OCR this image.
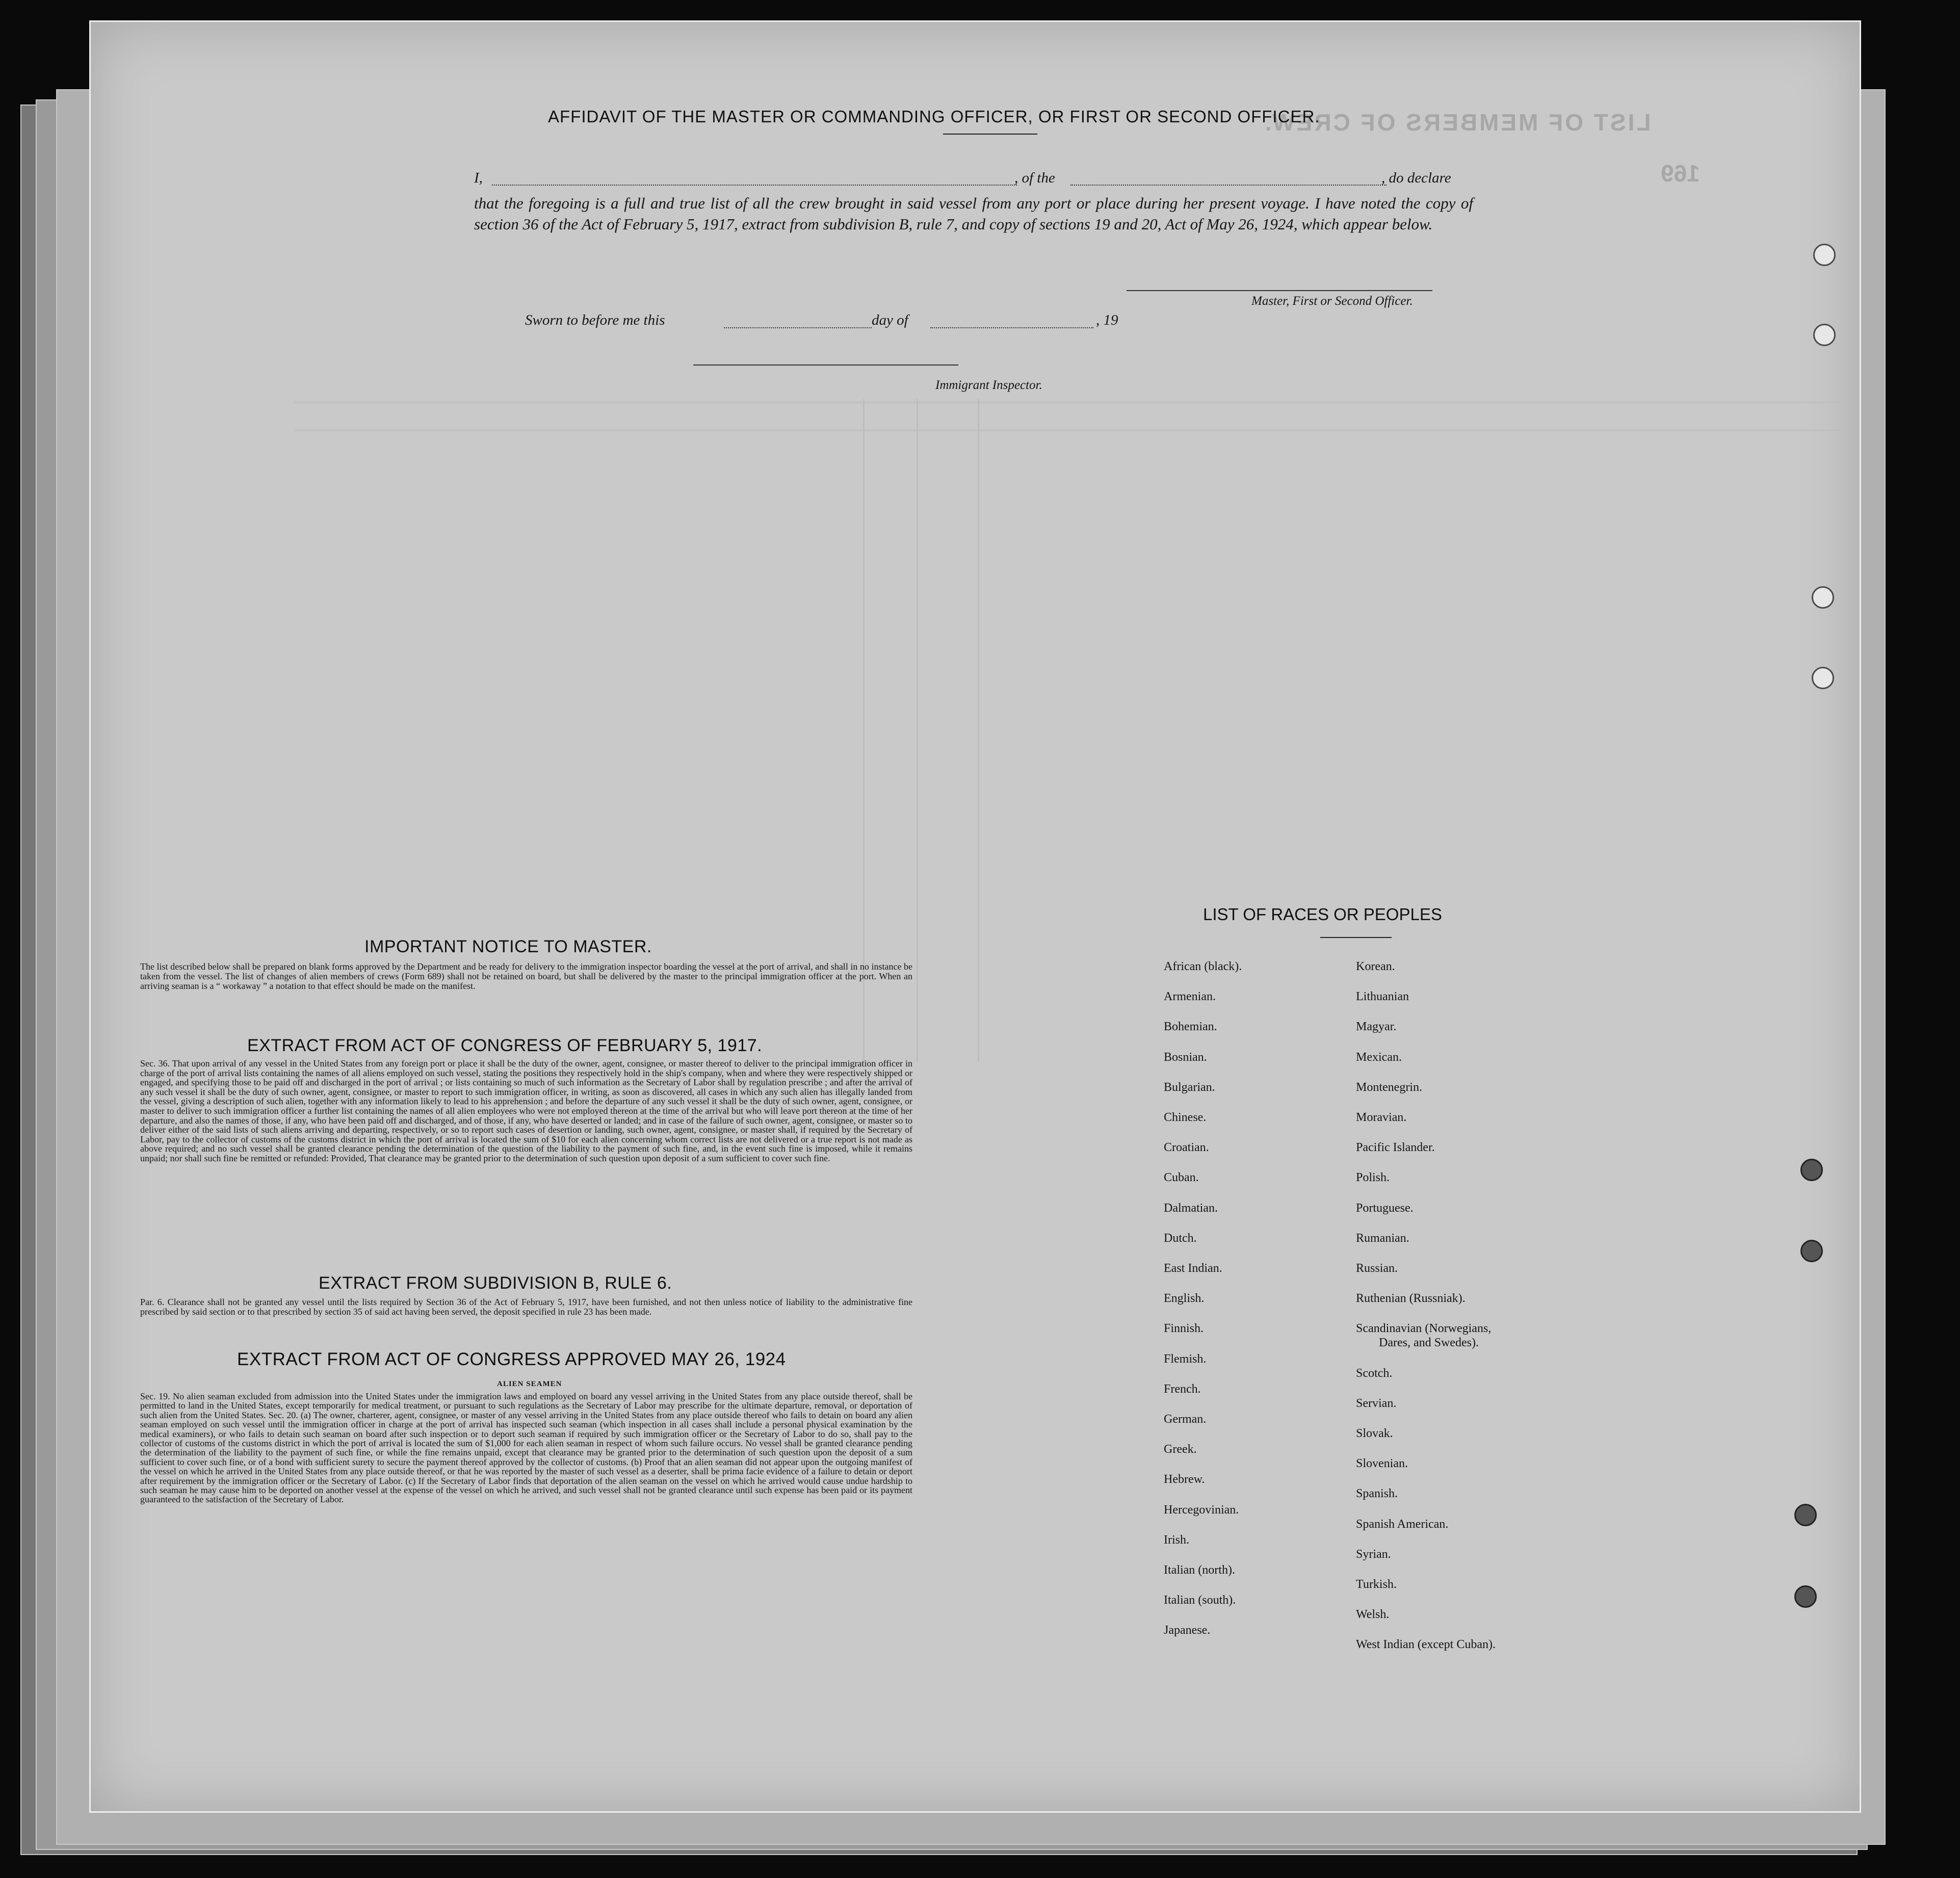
LIST OF MEMBERS OF CREW.
169
AFFIDAVIT OF THE MASTER OR COMMANDING OFFICER, OR FIRST OR SECOND OFFICER.
I,	, of the	, do declare
that the foregoing is a full and true list of all the crew brought in said vessel from any port or place during her present voyage. I have noted the copy of section 36 of the Act of February 5, 1917, extract from subdivision B, rule 7, and copy of sections 19 and 20, Act of May 26, 1924, which appear below.
Master, First or Second Officer.
Sworn to before me this	day of	, 19
Immigrant Inspector.
IMPORTANT NOTICE TO MASTER.
The list described below shall be prepared on blank forms approved by the Department and be ready for delivery to the immigration inspector boarding the vessel at the port of arrival, and shall in no instance be taken from the vessel. The list of changes of alien members of crews (Form 689) shall not be retained on board, but shall be delivered by the master to the principal immigration officer at the port. When an arriving seaman is a “ workaway ” a notation to that effect should be made on the manifest.
EXTRACT FROM ACT OF CONGRESS OF FEBRUARY 5, 1917.
Sec. 36. That upon arrival of any vessel in the United States from any foreign port or place it shall be the duty of the owner, agent, consignee, or master thereof to deliver to the principal immigration officer in charge of the port of arrival lists containing the names of all aliens employed on such vessel, stating the positions they respectively hold in the ship's company, when and where they were respectively shipped or engaged, and specifying those to be paid off and discharged in the port of arrival ; or lists containing so much of such information as the Secretary of Labor shall by regulation prescribe ; and after the arrival of any such vessel it shall be the duty of such owner, agent, consignee, or master to report to such immigration officer, in writing, as soon as discovered, all cases in which any such alien has illegally landed from the vessel, giving a description of such alien, together with any information likely to lead to his apprehension ; and before the departure of any such vessel it shall be the duty of such owner, agent, consignee, or master to deliver to such immigration officer a further list containing the names of all alien employees who were not employed thereon at the time of the arrival but who will leave port thereon at the time of her departure, and also the names of those, if any, who have been paid off and discharged, and of those, if any, who have deserted or landed; and in case of the failure of such owner, agent, consignee, or master so to deliver either of the said lists of such aliens arriving and departing, respectively, or so to report such cases of desertion or landing, such owner, agent, consignee, or master shall, if required by the Secretary of Labor, pay to the collector of customs of the customs district in which the port of arrival is located the sum of $10 for each alien concerning whom correct lists are not delivered or a true report is not made as above required; and no such vessel shall be granted clearance pending the determination of the question of the liability to the payment of such fine, and, in the event such fine is imposed, while it remains unpaid; nor shall such fine be remitted or refunded: Provided, That clearance may be granted prior to the determination of such question upon deposit of a sum sufficient to cover such fine.
EXTRACT FROM SUBDIVISION B, RULE 6.
Par. 6. Clearance shall not be granted any vessel until the lists required by Section 36 of the Act of February 5, 1917, have been furnished, and not then unless notice of liability to the administrative fine prescribed by said section or to that prescribed by section 35 of said act having been served, the deposit specified in rule 23 has been made.
EXTRACT FROM ACT OF CONGRESS APPROVED MAY 26, 1924
ALIEN SEAMEN
Sec. 19. No alien seaman excluded from admission into the United States under the immigration laws and employed on board any vessel arriving in the United States from any place outside thereof, shall be permitted to land in the United States, except temporarily for medical treatment, or pursuant to such regulations as the Secretary of Labor may prescribe for the ultimate departure, removal, or deportation of such alien from the United States. Sec. 20. (a) The owner, charterer, agent, consignee, or master of any vessel arriving in the United States from any place outside thereof who fails to detain on board any alien seaman employed on such vessel until the immigration officer in charge at the port of arrival has inspected such seaman (which inspection in all cases shall include a personal physical examination by the medical examiners), or who fails to detain such seaman on board after such inspection or to deport such seaman if required by such immigration officer or the Secretary of Labor to do so, shall pay to the collector of customs of the customs district in which the port of arrival is located the sum of $1,000 for each alien seaman in respect of whom such failure occurs. No vessel shall be granted clearance pending the determination of the liability to the payment of such fine, or while the fine remains unpaid, except that clearance may be granted prior to the determination of such question upon the deposit of a sum sufficient to cover such fine, or of a bond with sufficient surety to secure the payment thereof approved by the collector of customs. (b) Proof that an alien seaman did not appear upon the outgoing manifest of the vessel on which he arrived in the United States from any place outside thereof, or that he was reported by the master of such vessel as a deserter, shall be prima facie evidence of a failure to detain or deport after requirement by the immigration officer or the Secretary of Labor. (c) If the Secretary of Labor finds that deportation of the alien seaman on the vessel on which he arrived would cause undue hardship to such seaman he may cause him to be deported on another vessel at the expense of the vessel on which he arrived, and such vessel shall not be granted clearance until such expense has been paid or its payment guaranteed to the satisfaction of the Secretary of Labor.
LIST OF RACES OR PEOPLES
African (black).
Armenian.
Bohemian.
Bosnian.
Bulgarian.
Chinese.
Croatian.
Cuban.
Dalmatian.
Dutch.
East Indian.
English.
Finnish.
Flemish.
French.
German.
Greek.
Hebrew.
Hercegovinian.
Irish.
Italian (north).
Italian (south).
Japanese.
Korean.
Lithuanian
Magyar.
Mexican.
Montenegrin.
Moravian.
Pacific Islander.
Polish.
Portuguese.
Rumanian.
Russian.
Ruthenian (Russniak).
Scandinavian (Norwegians,
Dares, and Swedes).
Scotch.
Servian.
Slovak.
Slovenian.
Spanish.
Spanish American.
Syrian.
Turkish.
Welsh.
West Indian (except Cuban).
